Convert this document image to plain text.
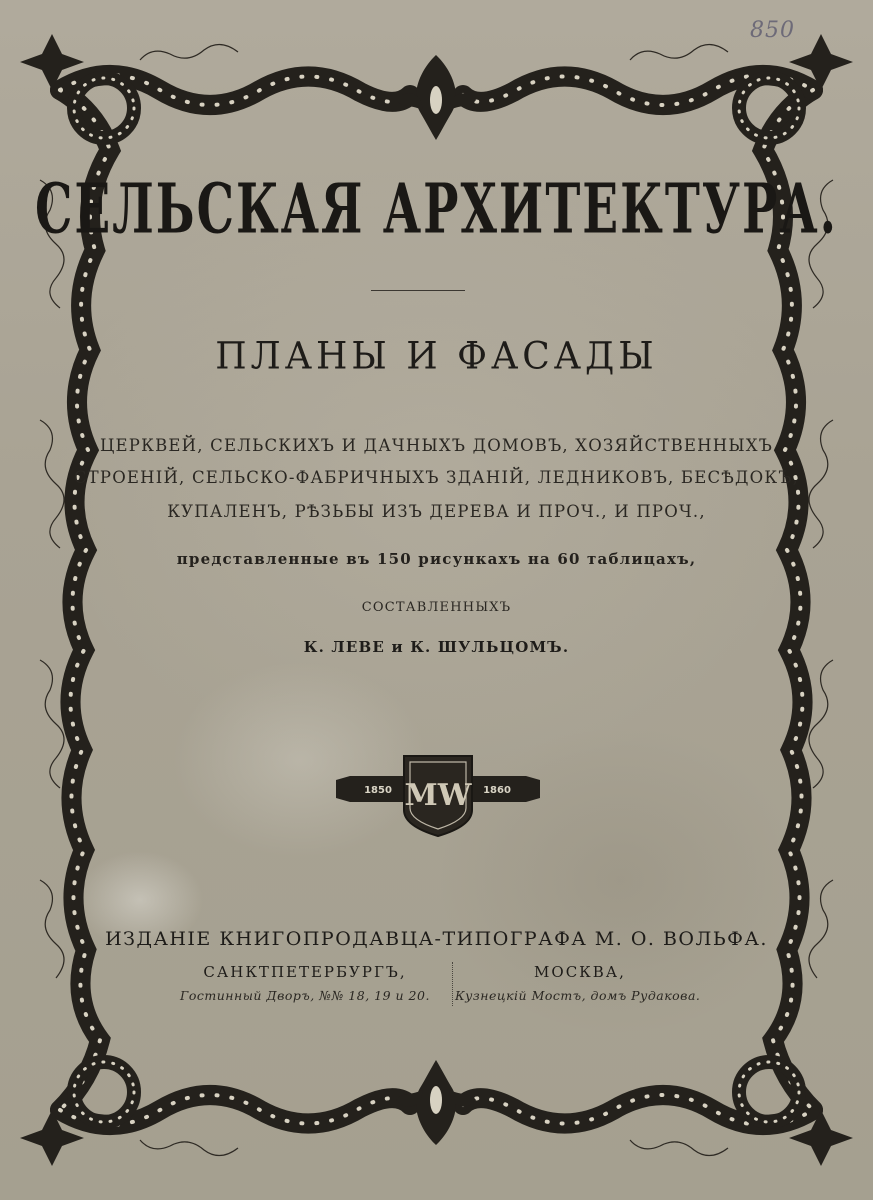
850
СЕЛЬСКАЯ АРХИТЕКТУРА.
ПЛАНЫ И ФАСАДЫ
ЦЕРКВЕЙ, СЕЛЬСКИХЪ И ДАЧНЫХЪ ДОМОВЪ, ХОЗЯЙСТВЕННЫХЪ
СТРОЕНІЙ, СЕЛЬСКО-ФАБРИЧНЫХЪ ЗДАНІЙ, ЛЕДНИКОВЪ, БЕСѢДОКЪ,
КУПАЛЕНЪ, РѢЗЬБЫ ИЗЪ ДЕРЕВА И ПРОЧ., И ПРОЧ.,
представленные въ 150 рисункахъ на 60 таблицахъ,
СОСТАВЛЕННЫХЪ
К. ЛЕВЕ и К. ШУЛЬЦОМЪ.
1850	1860
MW
ИЗДАНІЕ КНИГОПРОДАВЦА-ТИПОГРАФА М. О. ВОЛЬФА.
САНКТПЕТЕРБУРГЪ,	МОСКВА,
Гостинный Дворъ, №№ 18, 19 и 20.	Кузнецкій Мостъ, домъ Рудакова.
